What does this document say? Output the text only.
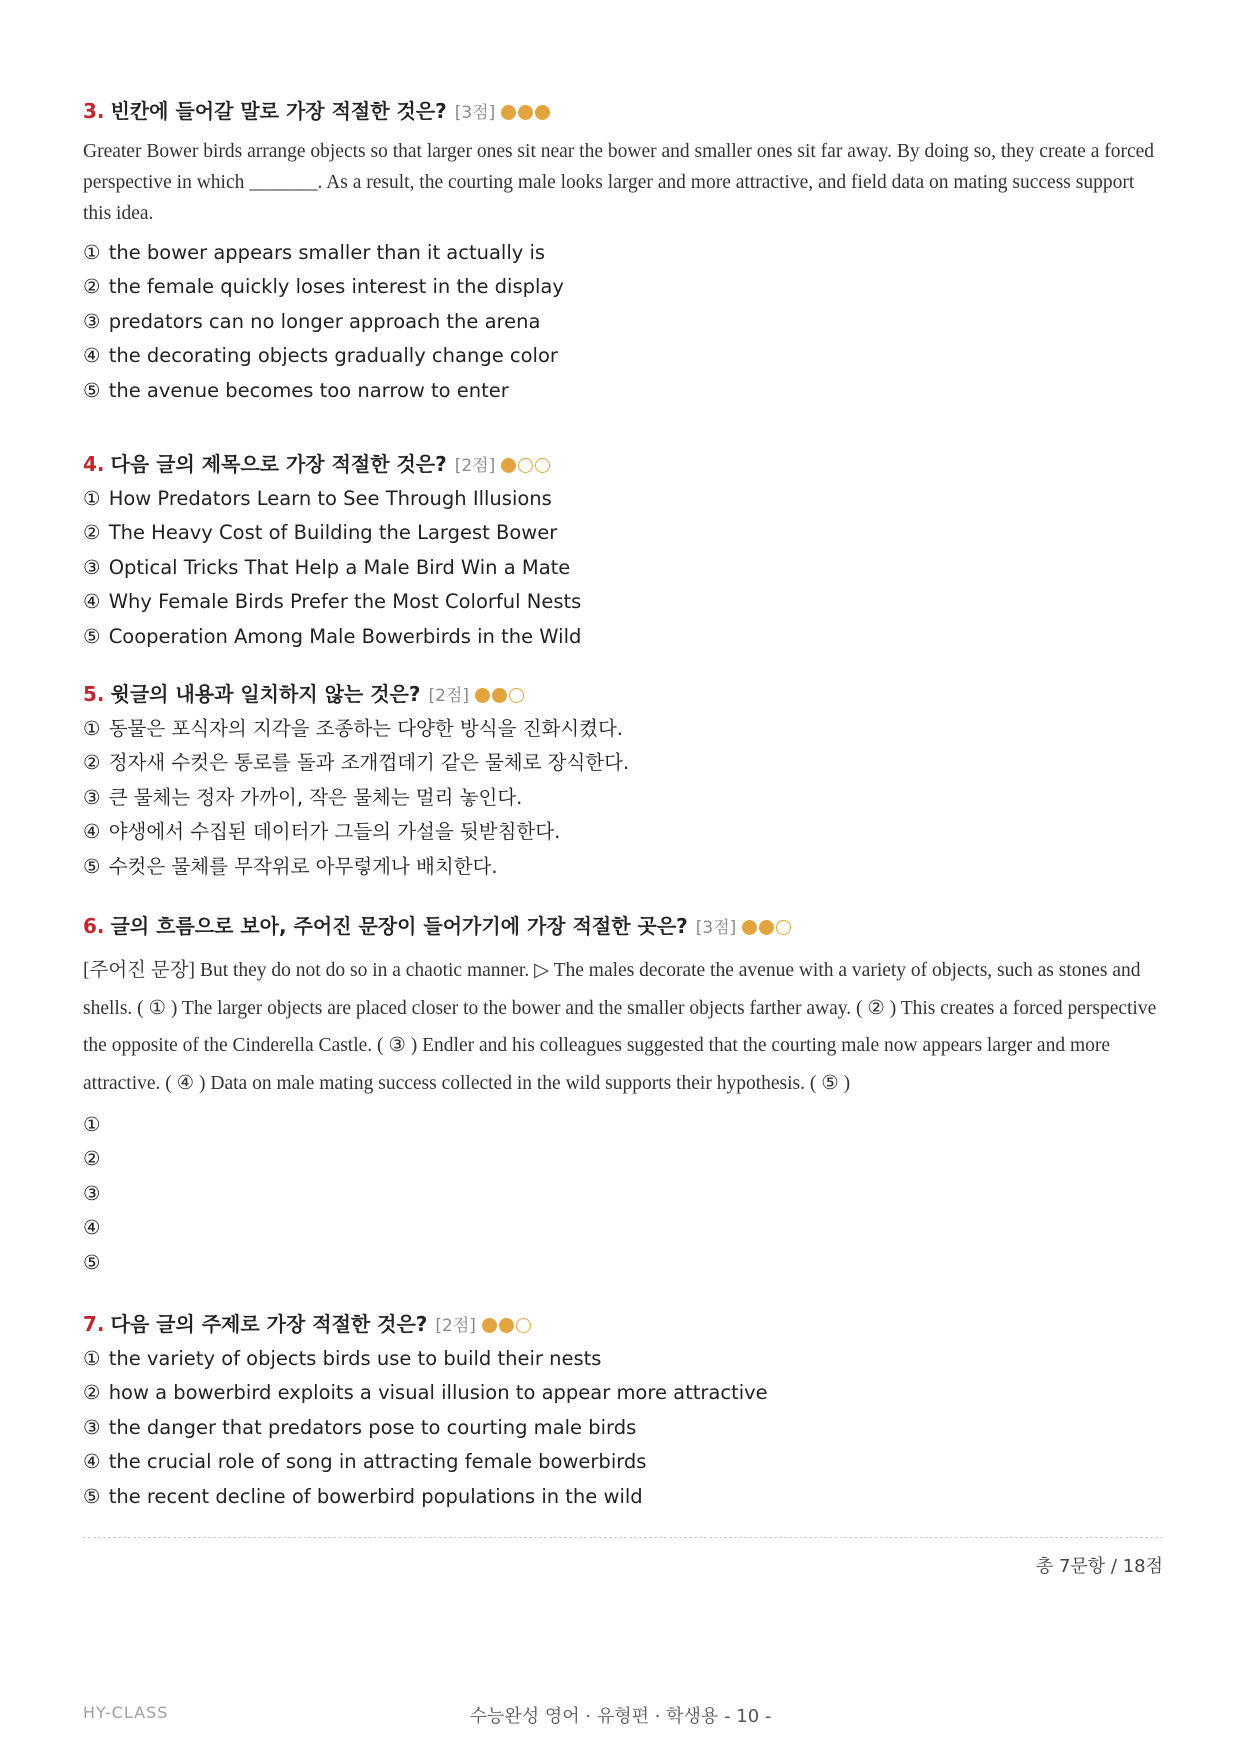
3. 빈칸에 들어갈 말로 가장 적절한 것은? [3점]
Greater Bower birds arrange objects so that larger ones sit near the bower and smaller ones sit far away. By doing so, they create a forced perspective in which _______. As a result, the courting male looks larger and more attractive, and field data on mating success support this idea.
① the bower appears smaller than it actually is
② the female quickly loses interest in the display
③ predators can no longer approach the arena
④ the decorating objects gradually change color
⑤ the avenue becomes too narrow to enter
4. 다음 글의 제목으로 가장 적절한 것은? [2점]
① How Predators Learn to See Through Illusions
② The Heavy Cost of Building the Largest Bower
③ Optical Tricks That Help a Male Bird Win a Mate
④ Why Female Birds Prefer the Most Colorful Nests
⑤ Cooperation Among Male Bowerbirds in the Wild
5. 윗글의 내용과 일치하지 않는 것은? [2점]
① 동물은 포식자의 지각을 조종하는 다양한 방식을 진화시켰다.
② 정자새 수컷은 통로를 돌과 조개껍데기 같은 물체로 장식한다.
③ 큰 물체는 정자 가까이, 작은 물체는 멀리 놓인다.
④ 야생에서 수집된 데이터가 그들의 가설을 뒷받침한다.
⑤ 수컷은 물체를 무작위로 아무렇게나 배치한다.
6. 글의 흐름으로 보아, 주어진 문장이 들어가기에 가장 적절한 곳은? [3점]
[주어진 문장] But they do not do so in a chaotic manner. ▷ The males decorate the avenue with a variety of objects, such as stones and shells. ( ① ) The larger objects are placed closer to the bower and the smaller objects farther away. ( ② ) This creates a forced perspective the opposite of the Cinderella Castle. ( ③ ) Endler and his colleagues suggested that the courting male now appears larger and more attractive. ( ④ ) Data on male mating success collected in the wild supports their hypothesis. ( ⑤ )
①
②
③
④
⑤
7. 다음 글의 주제로 가장 적절한 것은? [2점]
① the variety of objects birds use to build their nests
② how a bowerbird exploits a visual illusion to appear more attractive
③ the danger that predators pose to courting male birds
④ the crucial role of song in attracting female bowerbirds
⑤ the recent decline of bowerbird populations in the wild
총 7문항 / 18점
HY-CLASS	수능완성 영어 · 유형편 · 학생용 - 10 -
